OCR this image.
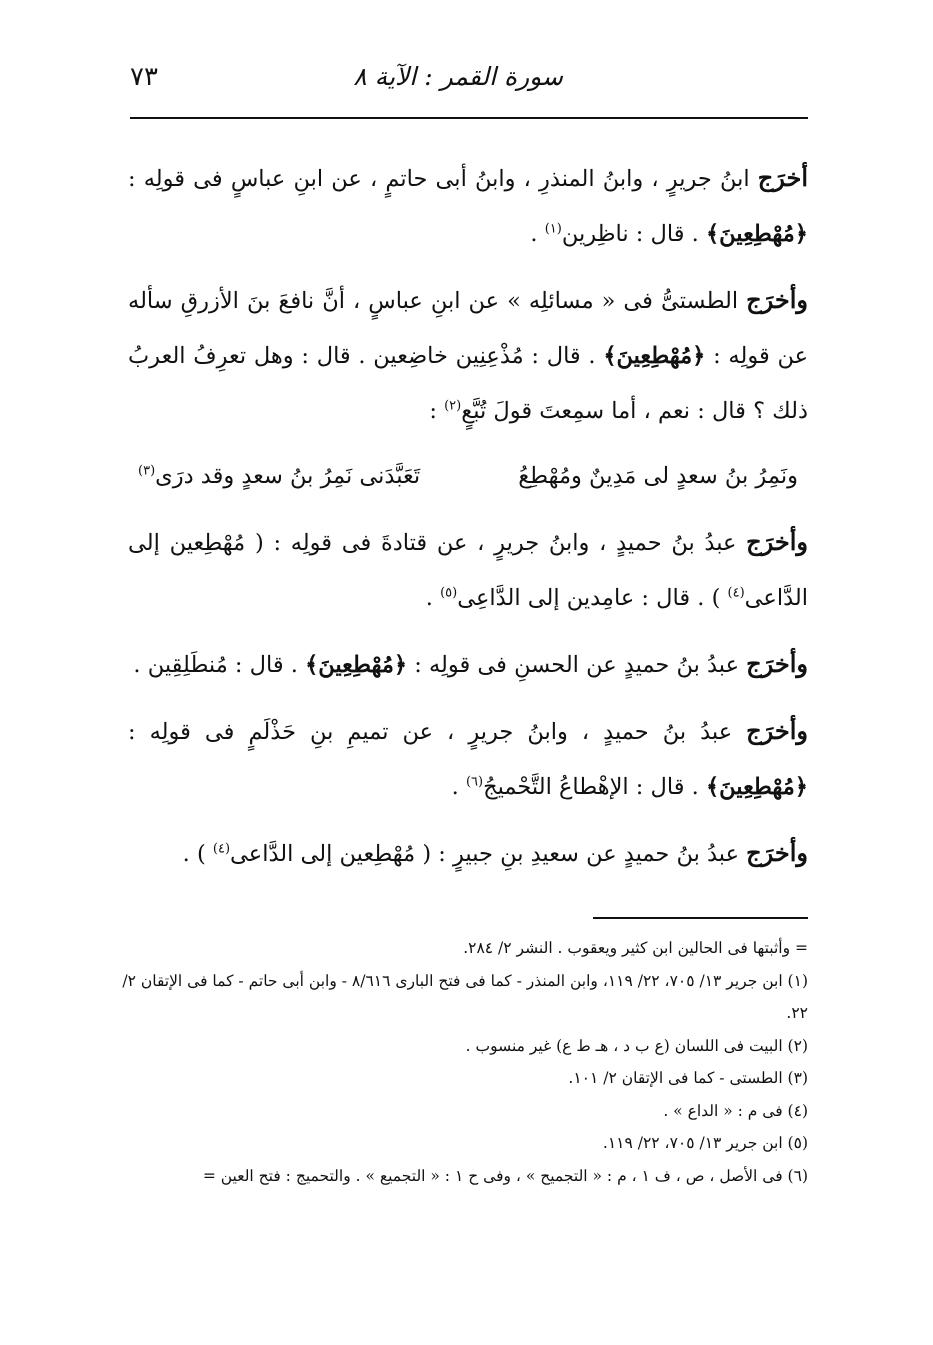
سورة القمر : الآية ٨
٧٣

أخرَج ابنُ جريرٍ ، وابنُ المنذرِ ، وابنُ أبى حاتمٍ ، عن ابنِ عباسٍ فى قولِه : ﴿مُهْطِعِينَ﴾ . قال : ناظِرين$^{(١)}$ .

وأخرَج الطستىُّ فى « مسائلِه » عن ابنِ عباسٍ ، أنَّ نافعَ بنَ الأزرقِ سأله عن قولِه : ﴿مُهْطِعِينَ﴾ . قال : مُذْعِنِين خاضِعين . قال : وهل تعرِفُ العربُ ذلك ؟ قال : نعم ، أما سمِعتَ قولَ تُبَّعٍ$^{(٢)}$ :

ونَمِرُ بنُ سعدٍ لى مَدِينٌ ومُهْطِعُ
تَعَبَّدَنى نَمِرُ بنُ سعدٍ وقد درَى$^{(٣)}$

وأخرَج عبدُ بنُ حميدٍ ، وابنُ جريرٍ ، عن قتادةَ فى قولِه : ( مُهْطِعين إلى الدَّاعى$^{(٤)}$ ) . قال : عامِدين إلى الدَّاعِى$^{(٥)}$ .

وأخرَج عبدُ بنُ حميدٍ عن الحسنِ فى قولِه : ﴿مُهْطِعِينَ﴾ . قال : مُنطَلِقِين .

وأخرَج عبدُ بنُ حميدٍ ، وابنُ جريرٍ ، عن تميمِ بنِ حَذْلَمٍ فى قولِه : ﴿مُهْطِعِينَ﴾ . قال : الإهْطاعُ التَّحْميجُ$^{(٦)}$ .

وأخرَج عبدُ بنُ حميدٍ عن سعيدِ بنِ جبيرٍ : ( مُهْطِعين إلى الدَّاعى$^{(٤)}$ ) .

= وأثبتها فى الحالين ابن كثير ويعقوب . النشر ٢/ ٢٨٤.

(١) ابن جرير ١٣/ ٧٠٥، ٢٢/ ١١٩، وابن المنذر - كما فى فتح البارى ٨/٦١٦ - وابن أبى حاتم - كما فى الإتقان ٢/ ٢٢.

(٢) البيت فى اللسان (ع ب د ، هـ ط ع) غير منسوب .

(٣) الطستى - كما فى الإتقان ٢/ ١٠١.

(٤) فى م : « الداع » .

(٥) ابن جرير ١٣/ ٧٠٥، ٢٢/ ١١٩.

(٦) فى الأصل ، ص ، ف ١ ، م : « التجميح » ، وفى ح ١ : « التجميع » . والتحميج : فتح العين =
